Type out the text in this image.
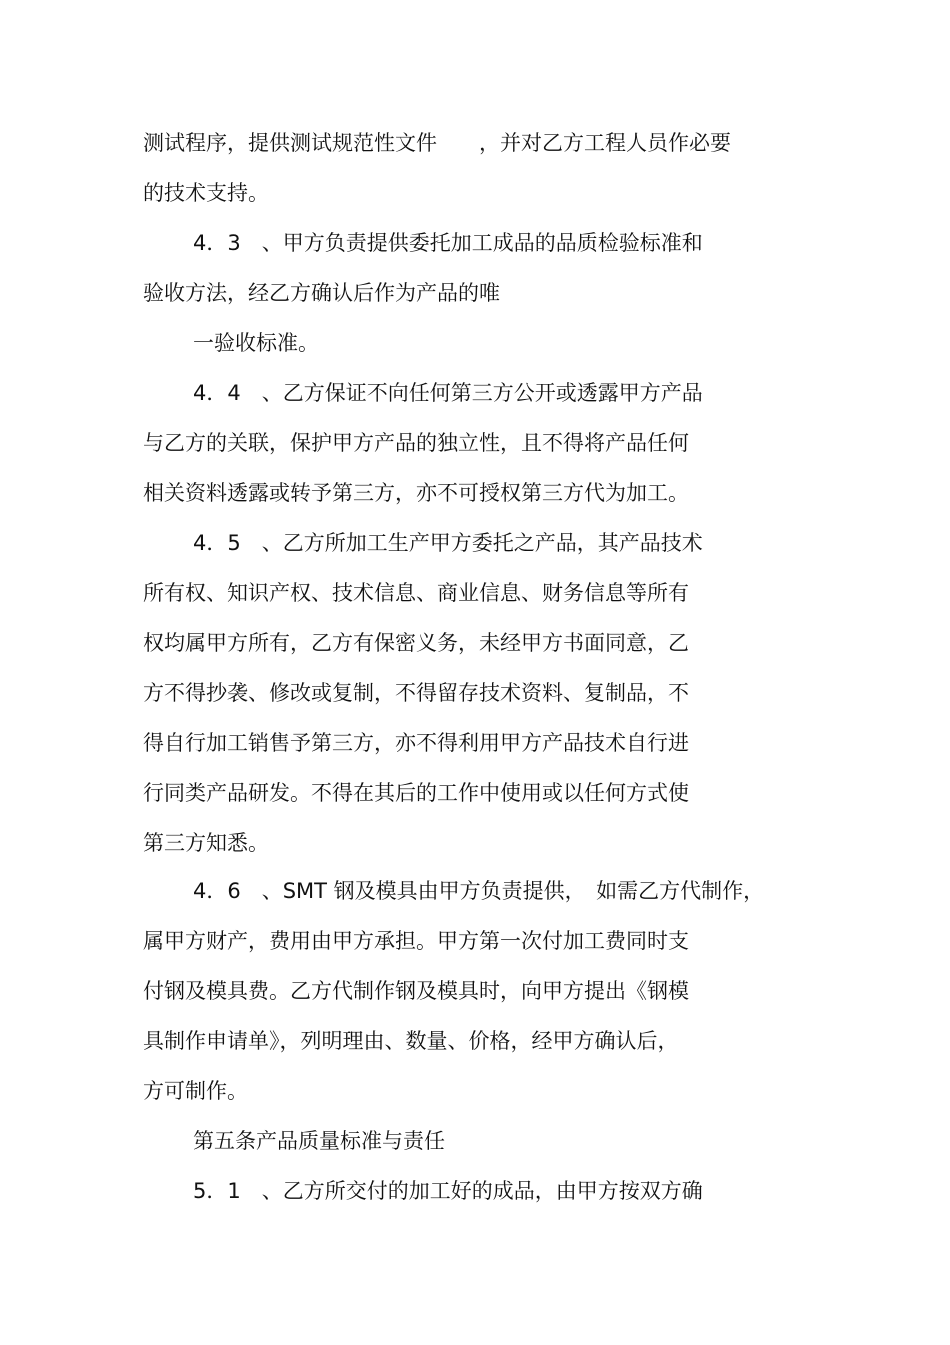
测试程序，提供测试规范性文件　　，并对乙方工程人员作必要
的技术支持。
4．3　、甲方负责提供委托加工成品的品质检验标准和
验收方法，经乙方确认后作为产品的唯
一验收标准。
4．4　、乙方保证不向任何第三方公开或透露甲方产品
与乙方的关联，保护甲方产品的独立性，且不得将产品任何
相关资料透露或转予第三方，亦不可授权第三方代为加工。
4．5　、乙方所加工生产甲方委托之产品，其产品技术
所有权、知识产权、技术信息、商业信息、财务信息等所有
权均属甲方所有，乙方有保密义务，未经甲方书面同意，乙
方不得抄袭、修改或复制，不得留存技术资料、复制品，不
得自行加工销售予第三方，亦不得利用甲方产品技术自行进
行同类产品研发。不得在其后的工作中使用或以任何方式使
第三方知悉。
4．6　、SMT 钢及模具由甲方负责提供，　如需乙方代制作，
属甲方财产，费用由甲方承担。甲方第一次付加工费同时支
付钢及模具费。乙方代制作钢及模具时，向甲方提出《钢模
具制作申请单》，列明理由、数量、价格，经甲方确认后，
方可制作。
第五条产品质量标准与责任
5．1　、乙方所交付的加工好的成品，由甲方按双方确
